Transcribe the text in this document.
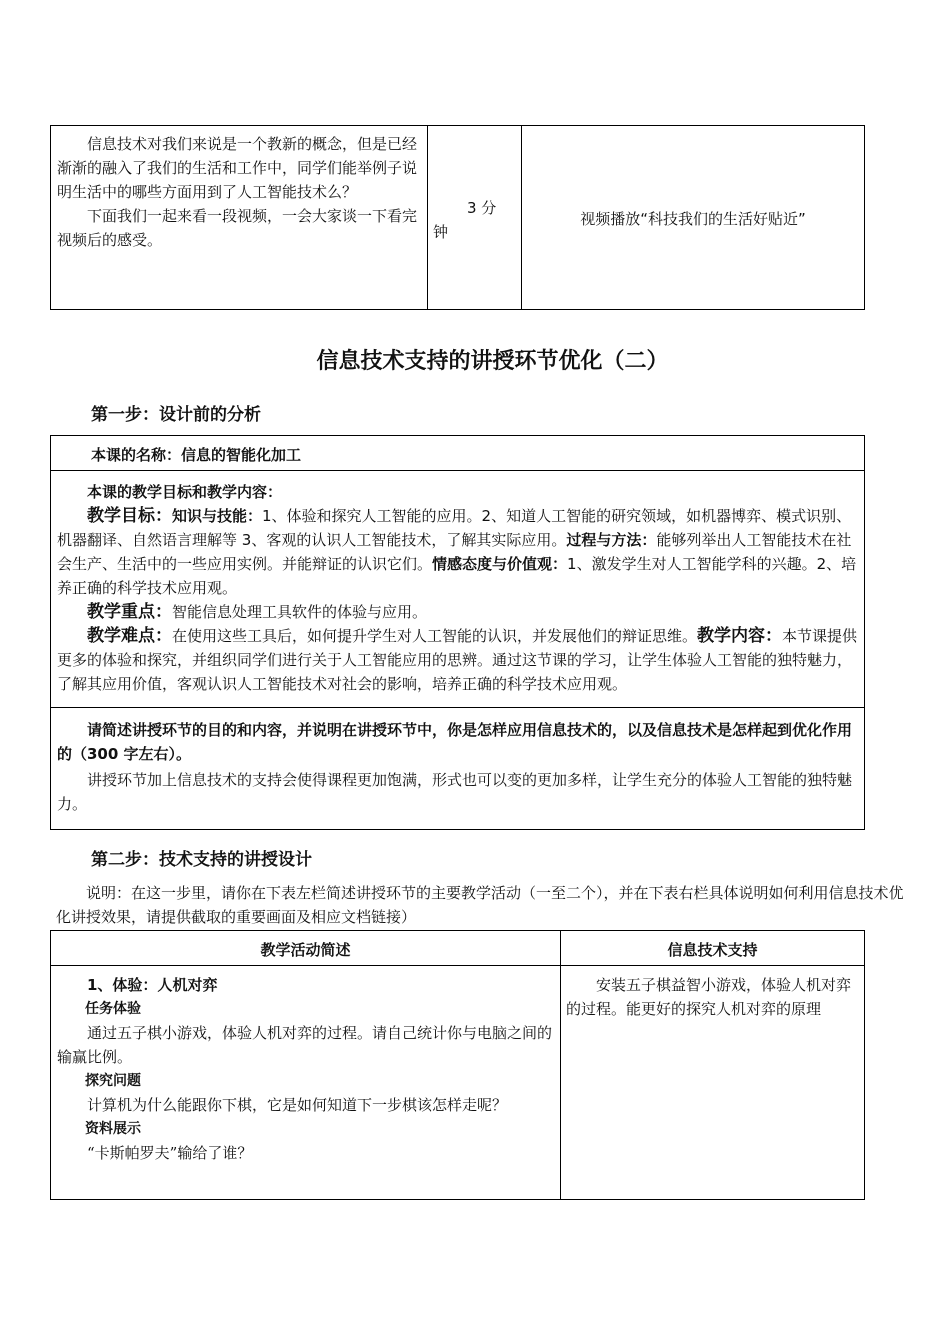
信息技术对我们来说是一个教新的概念，但是已经渐渐的融入了我们的生活和工作中，同学们能举例子说明生活中的哪些方面用到了人工智能技术么？

下面我们一起来看一段视频，一会大家谈一下看完视频后的感受。

3 分
钟
视频播放“科技我们的生活好贴近”
信息技术支持的讲授环节优化（二）
第一步：设计前的分析
本课的名称：信息的智能化加工

本课的教学目标和教学内容：

教学目标：知识与技能：1、体验和探究人工智能的应用。2、知道人工智能的研究领域，如机器博弈、模式识别、机器翻译、自然语言理解等 3、客观的认识人工智能技术，了解其实际应用。过程与方法：能够列举出人工智能技术在社会生产、生活中的一些应用实例。并能辩证的认识它们。情感态度与价值观：1、激发学生对人工智能学科的兴趣。2、培养正确的科学技术应用观。

教学重点：智能信息处理工具软件的体验与应用。

教学难点：在使用这些工具后，如何提升学生对人工智能的认识，并发展他们的辩证思维。教学内容：本节课提供更多的体验和探究，并组织同学们进行关于人工智能应用的思辨。通过这节课的学习，让学生体验人工智能的独特魅力，了解其应用价值，客观认识人工智能技术对社会的影响，培养正确的科学技术应用观。

请简述讲授环节的目的和内容，并说明在讲授环节中，你是怎样应用信息技术的，以及信息技术是怎样起到优化作用的（300 字左右）。

讲授环节加上信息技术的支持会使得课程更加饱满，形式也可以变的更加多样，让学生充分的体验人工智能的独特魅力。

第二步：技术支持的讲授设计

说明：在这一步里，请你在下表左栏简述讲授环节的主要教学活动（一至二个），并在下表右栏具体说明如何利用信息技术优化讲授效果，请提供截取的重要画面及相应文档链接）

教学活动简述	信息技术支持

1、体验：人机对弈

任务体验

通过五子棋小游戏，体验人机对弈的过程。请自己统计你与电脑之间的输赢比例。

探究问题

计算机为什么能跟你下棋，它是如何知道下一步棋该怎样走呢？

资料展示

“卡斯帕罗夫”输给了谁？

安装五子棋益智小游戏，体验人机对弈的过程。能更好的探究人机对弈的原理
